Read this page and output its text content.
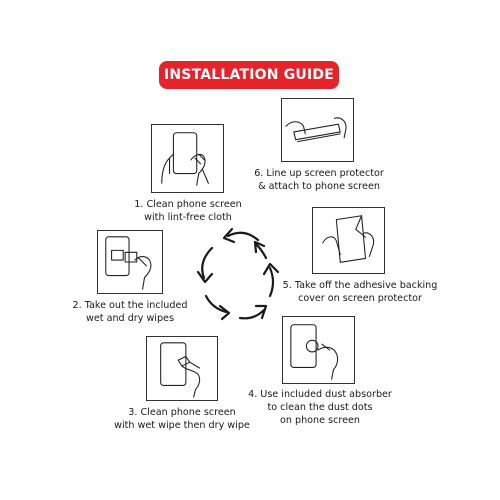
INSTALLATION GUIDE
1. Clean phone screen
with lint-free cloth
2. Take out the included
wet and dry wipes
3. Clean phone screen
with wet wipe then dry wipe
4. Use included dust absorber
to clean the dust dots
on phone screen
5. Take off the adhesive backing
cover on screen protector
6. Line up screen protector
& attach to phone screen
